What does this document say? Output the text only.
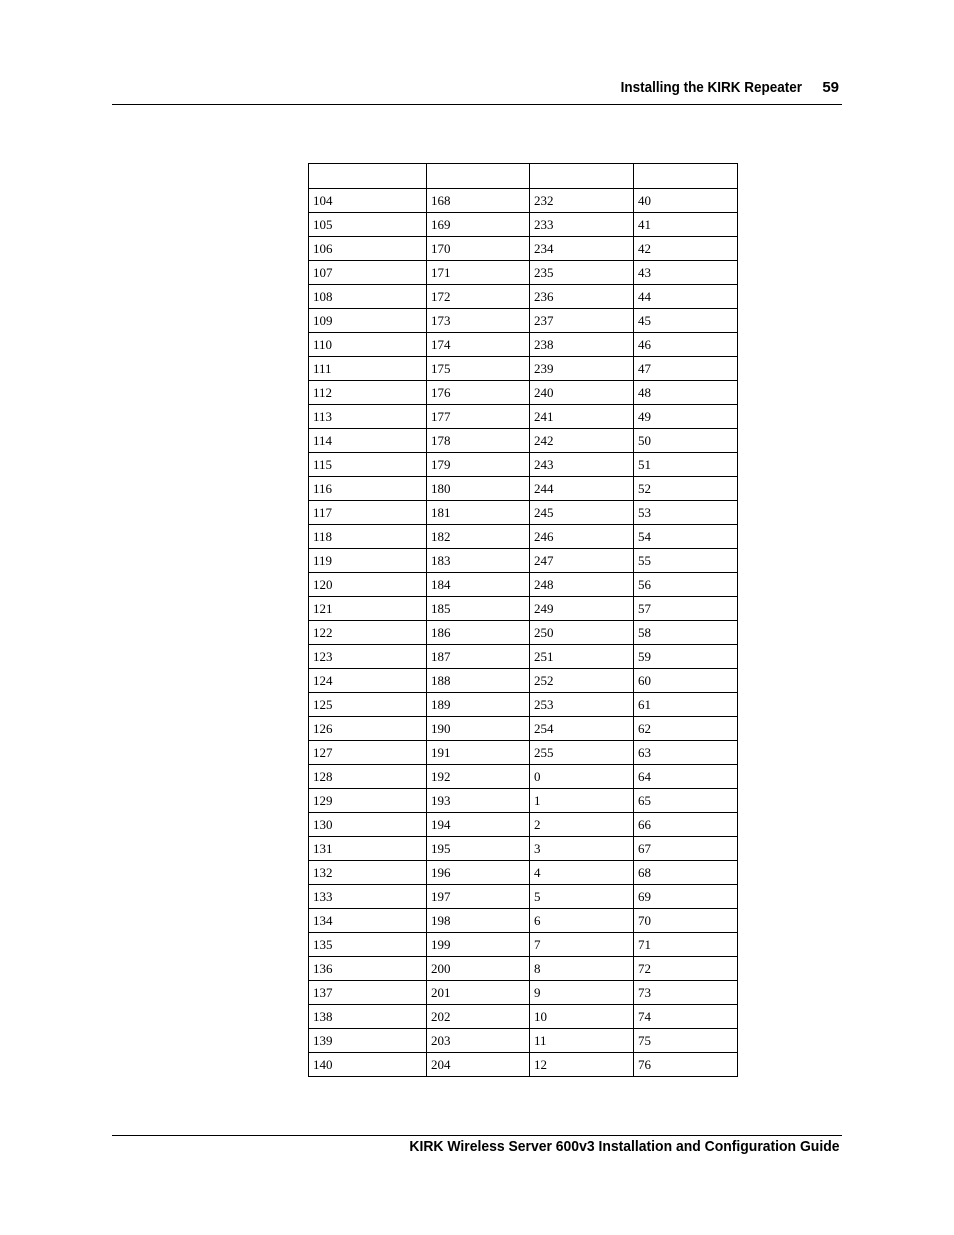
Installing the KIRK Repeater 59

104	168	232	40
105	169	233	41
106	170	234	42
107	171	235	43
108	172	236	44
109	173	237	45
110	174	238	46
111	175	239	47
112	176	240	48
113	177	241	49
114	178	242	50
115	179	243	51
116	180	244	52
117	181	245	53
118	182	246	54
119	183	247	55
120	184	248	56
121	185	249	57
122	186	250	58
123	187	251	59
124	188	252	60
125	189	253	61
126	190	254	62
127	191	255	63
128	192	0	64
129	193	1	65
130	194	2	66
131	195	3	67
132	196	4	68
133	197	5	69
134	198	6	70
135	199	7	71
136	200	8	72
137	201	9	73
138	202	10	74
139	203	11	75
140	204	12	76
KIRK Wireless Server 600v3 Installation and Configuration Guide
